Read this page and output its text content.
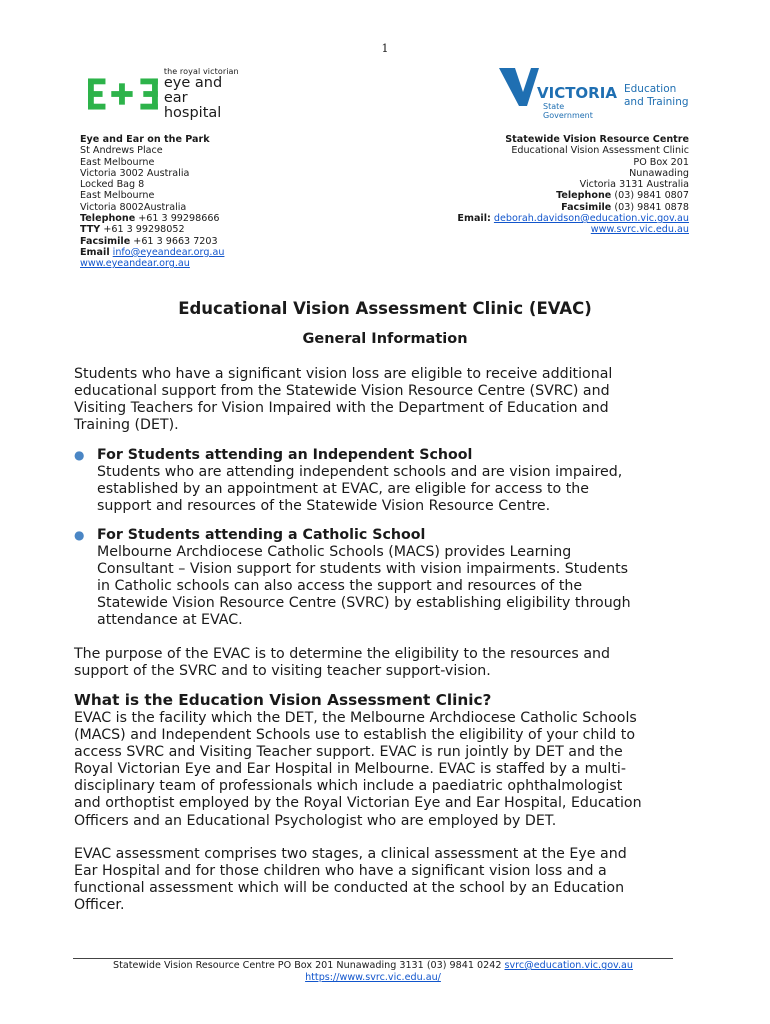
1
the royal victorian
eye and ear
hospital
VICTORIA
State
Government
Education
and Training
Eye and Ear on the Park
St Andrews Place
East Melbourne
Victoria 3002 Australia
Locked Bag 8
East Melbourne
Victoria 8002Australia
Telephone +61 3 99298666
TTY +61 3 99298052
Facsimile +61 3 9663 7203
Email info@eyeandear.org.au
www.eyeandear.org.au
Statewide Vision Resource Centre
Educational Vision Assessment Clinic
PO Box 201
Nunawading
Victoria 3131 Australia
Telephone (03) 9841 0807
Facsimile (03) 9841 0878
Email: deborah.davidson@education.vic.gov.au
www.svrc.vic.edu.au
Educational Vision Assessment Clinic (EVAC)
General Information
Students who have a significant vision loss are eligible to receive additional
educational support from the Statewide Vision Resource Centre (SVRC) and
Visiting Teachers for Vision Impaired with the Department of Education and
Training (DET).
● For Students attending an Independent School
Students who are attending independent schools and are vision impaired,
established by an appointment at EVAC, are eligible for access to the
support and resources of the Statewide Vision Resource Centre.
● For Students attending a Catholic School
Melbourne Archdiocese Catholic Schools (MACS) provides Learning
Consultant – Vision support for students with vision impairments. Students
in Catholic schools can also access the support and resources of the
Statewide Vision Resource Centre (SVRC) by establishing eligibility through
attendance at EVAC.
The purpose of the EVAC is to determine the eligibility to the resources and
support of the SVRC and to visiting teacher support-vision.
What is the Education Vision Assessment Clinic?
EVAC is the facility which the DET, the Melbourne Archdiocese Catholic Schools
(MACS) and Independent Schools use to establish the eligibility of your child to
access SVRC and Visiting Teacher support. EVAC is run jointly by DET and the
Royal Victorian Eye and Ear Hospital in Melbourne. EVAC is staffed by a multi-
disciplinary team of professionals which include a paediatric ophthalmologist
and orthoptist employed by the Royal Victorian Eye and Ear Hospital, Education
Officers and an Educational Psychologist who are employed by DET.
EVAC assessment comprises two stages, a clinical assessment at the Eye and
Ear Hospital and for those children who have a significant vision loss and a
functional assessment which will be conducted at the school by an Education
Officer.
Statewide Vision Resource Centre PO Box 201 Nunawading 3131 (03) 9841 0242 svrc@education.vic.gov.au
https://www.svrc.vic.edu.au/
